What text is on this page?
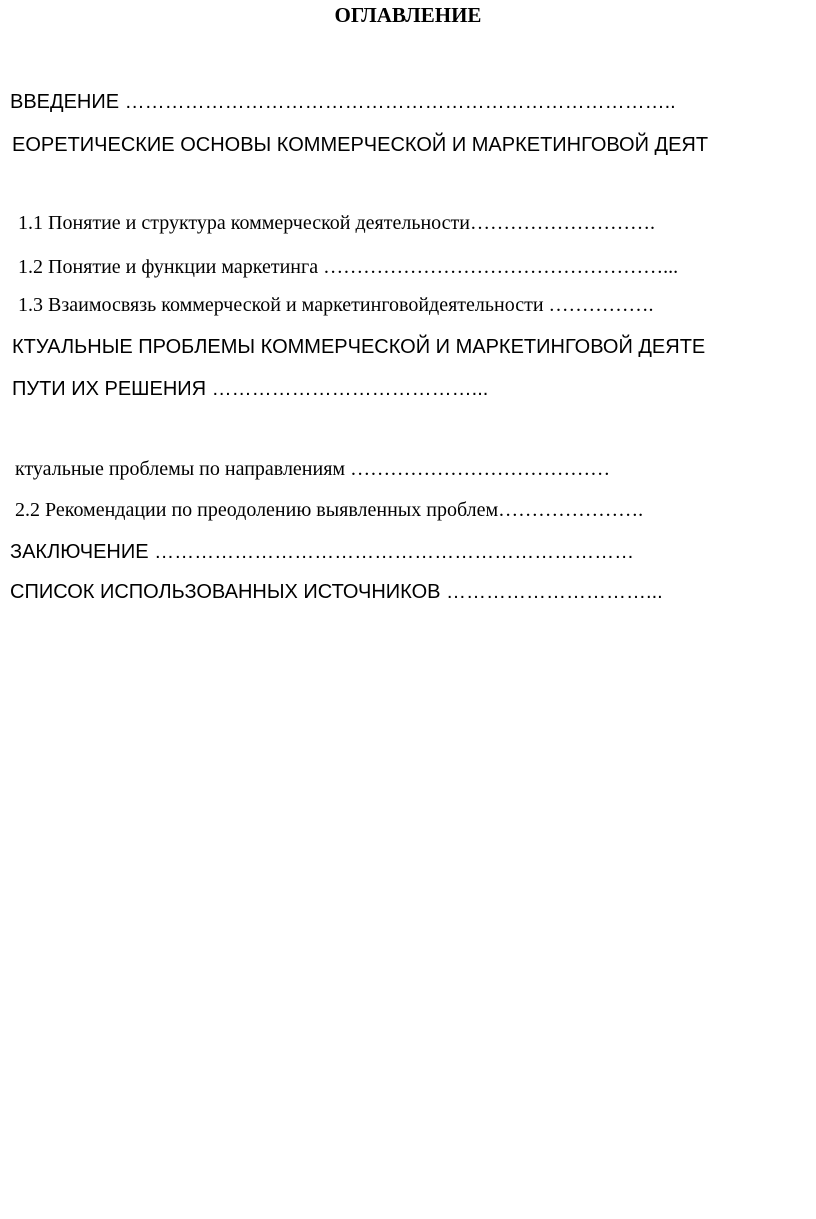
ОГЛАВЛЕНИЕ
ВВЕДЕНИЕ ………………………………………………………………………..
ЕОРЕТИЧЕСКИЕ ОСНОВЫ КОММЕРЧЕСКОЙ И МАРКЕТИНГОВОЙ ДЕЯТ
1.1 Понятие и структура коммерческой деятельности……………………….
1.2 Понятие и функции маркетинга ……………………………………………...
1.3 Взаимосвязь коммерческой и маркетинговойдеятельности …………….
КТУАЛЬНЫЕ ПРОБЛЕМЫ КОММЕРЧЕСКОЙ И МАРКЕТИНГОВОЙ ДЕЯТЕ
ПУТИ ИХ РЕШЕНИЯ …………………………………...
ктуальные проблемы по направлениям …………………………………
2.2 Рекомендации по преодолению выявленных проблем………………….
ЗАКЛЮЧЕНИЕ ………………………………………………………………
СПИСОК ИСПОЛЬЗОВАННЫХ ИСТОЧНИКОВ …………………………...
